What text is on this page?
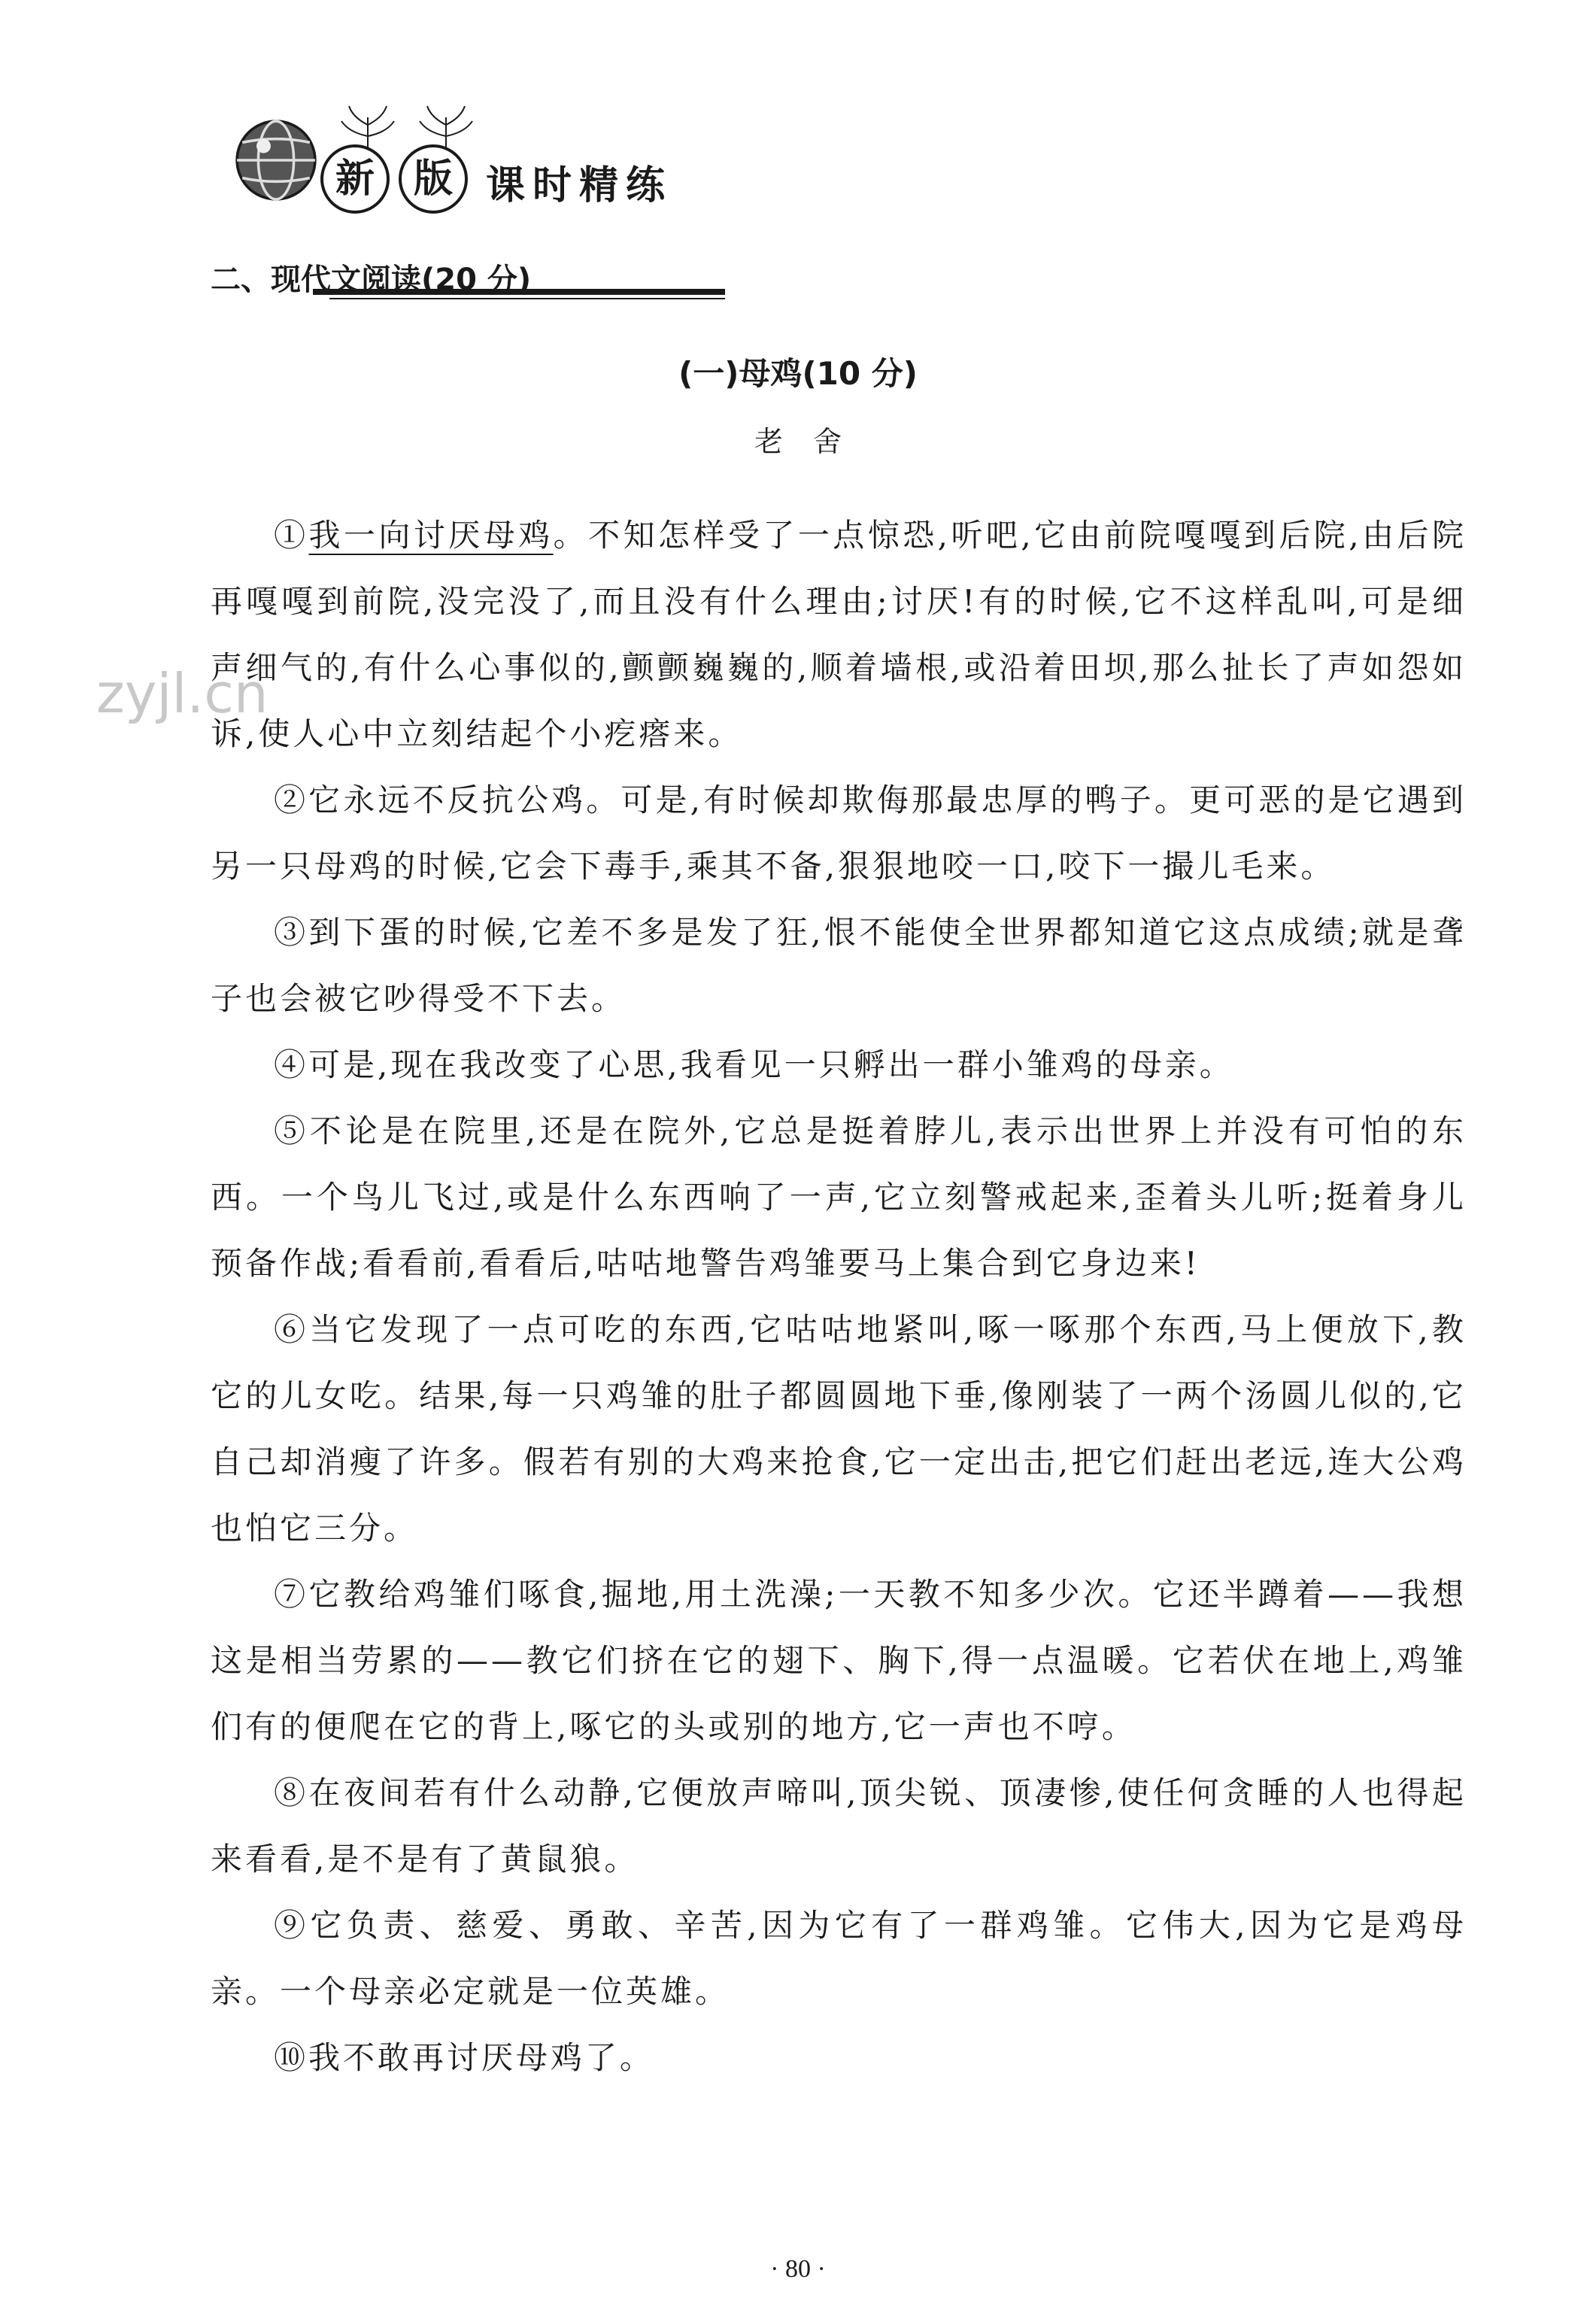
新 版 课时精练
二、现代文阅读(20 分)
(一)母鸡(10 分)
老舍
zyjl.cn

①我一向讨厌母鸡。不知怎样受了一点惊恐,听吧,它由前院嘎嘎到后院,由后院再嘎嘎到前院,没完没了,而且没有什么理由;讨厌!有的时候,它不这样乱叫,可是细声细气的,有什么心事似的,颤颤巍巍的,顺着墙根,或沿着田坝,那么扯长了声如怨如诉,使人心中立刻结起个小疙瘩来。

②它永远不反抗公鸡。可是,有时候却欺侮那最忠厚的鸭子。更可恶的是它遇到另一只母鸡的时候,它会下毒手,乘其不备,狠狠地咬一口,咬下一撮儿毛来。

③到下蛋的时候,它差不多是发了狂,恨不能使全世界都知道它这点成绩;就是聋子也会被它吵得受不下去。

④可是,现在我改变了心思,我看见一只孵出一群小雏鸡的母亲。

⑤不论是在院里,还是在院外,它总是挺着脖儿,表示出世界上并没有可怕的东西。一个鸟儿飞过,或是什么东西响了一声,它立刻警戒起来,歪着头儿听;挺着身儿预备作战;看看前,看看后,咕咕地警告鸡雏要马上集合到它身边来!

⑥当它发现了一点可吃的东西,它咕咕地紧叫,啄一啄那个东西,马上便放下,教它的儿女吃。结果,每一只鸡雏的肚子都圆圆地下垂,像刚装了一两个汤圆儿似的,它自己却消瘦了许多。假若有别的大鸡来抢食,它一定出击,把它们赶出老远,连大公鸡也怕它三分。

⑦它教给鸡雏们啄食,掘地,用土洗澡;一天教不知多少次。它还半蹲着——我想这是相当劳累的——教它们挤在它的翅下、胸下,得一点温暖。它若伏在地上,鸡雏们有的便爬在它的背上,啄它的头或别的地方,它一声也不哼。

⑧在夜间若有什么动静,它便放声啼叫,顶尖锐、顶凄惨,使任何贪睡的人也得起来看看,是不是有了黄鼠狼。

⑨它负责、慈爱、勇敢、辛苦,因为它有了一群鸡雏。它伟大,因为它是鸡母亲。一个母亲必定就是一位英雄。

⑩我不敢再讨厌母鸡了。

· 80 ·
